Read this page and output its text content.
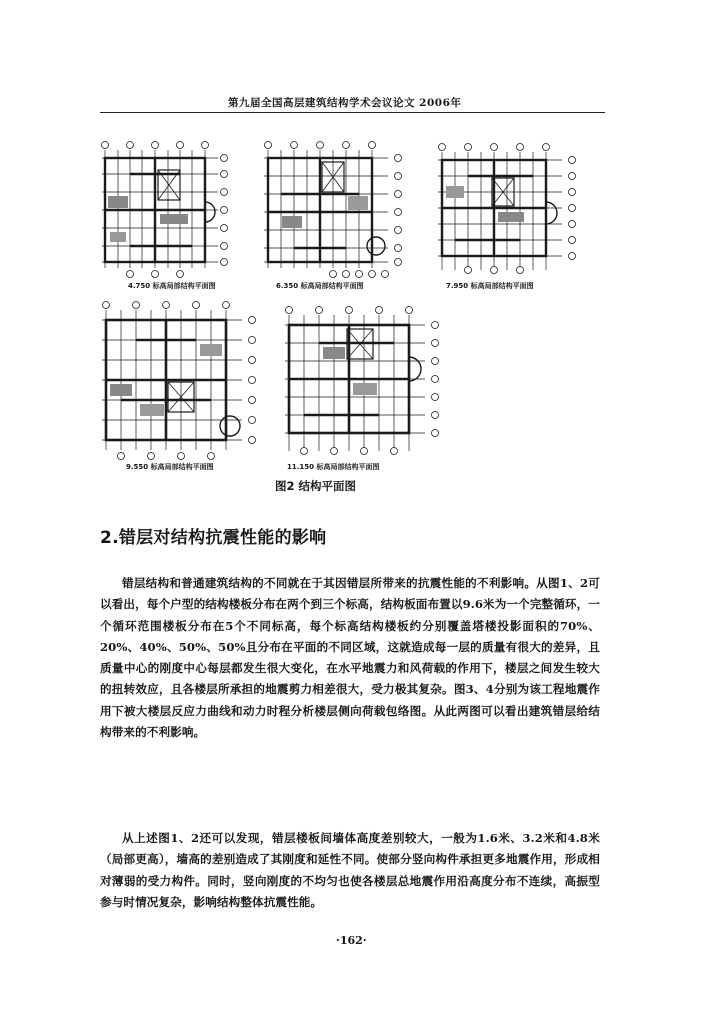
第九届全国高层建筑结构学术会议论文 2006年
4.750 标高局部结构平面图	6.350 标高局部结构平面图	7.950 标高局部结构平面图
9.550 标高局部结构平面图	11.150 标高局部结构平面图
图2 结构平面图
2.错层对结构抗震性能的影响
错层结构和普通建筑结构的不同就在于其因错层所带来的抗震性能的不利影响。从图1、2可以看出，每个户型的结构楼板分布在两个到三个标高，结构板面布置以9.6米为一个完整循环，一个循环范围楼板分布在5个不同标高，每个标高结构楼板约分别覆盖塔楼投影面积的70%、20%、40%、50%、50%且分布在平面的不同区域，这就造成每一层的质量有很大的差异，且质量中心的刚度中心每层都发生很大变化，在水平地震力和风荷载的作用下，楼层之间发生较大的扭转效应，且各楼层所承担的地震剪力相差很大，受力极其复杂。图3、4分别为该工程地震作用下被大楼层反应力曲线和动力时程分析楼层侧向荷载包络图。从此两图可以看出建筑错层给结构带来的不利影响。
从上述图1、2还可以发现，错层楼板间墙体高度差别较大，一般为1.6米、3.2米和4.8米（局部更高），墙高的差别造成了其刚度和延性不同。使部分竖向构件承担更多地震作用，形成相对薄弱的受力构件。同时，竖向刚度的不均匀也使各楼层总地震作用沿高度分布不连续，高振型参与时情况复杂，影响结构整体抗震性能。
·162·
